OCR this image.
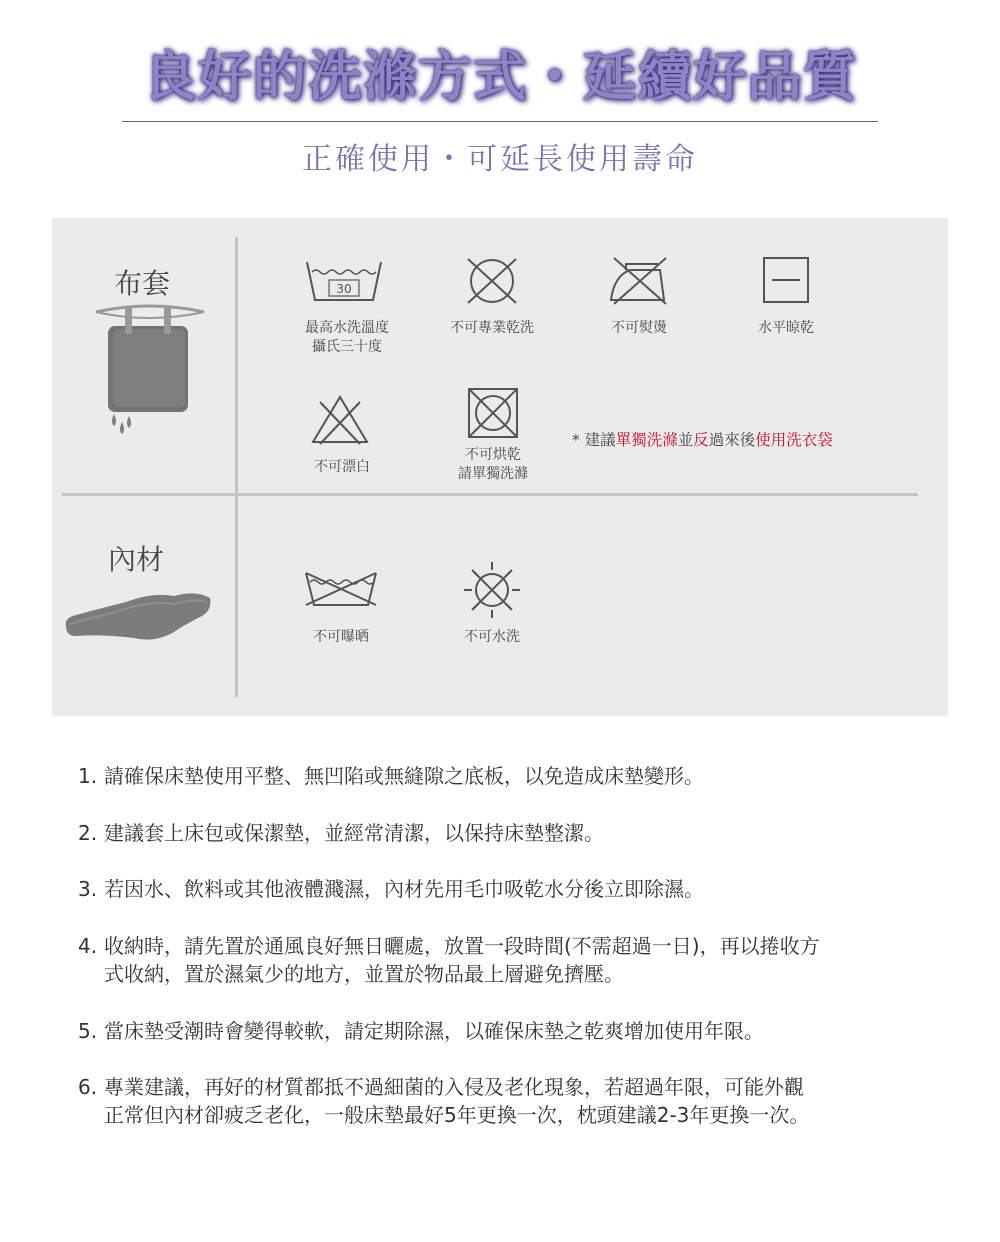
良好的洗滌方式・延續好品質
正確使用・可延長使用壽命
布套	30
最高水洗溫度
攝氏三十度
不可專業乾洗	不可熨燙	水平晾乾
不可漂白
不可烘乾
請單獨洗滌
* 建議單獨洗滌並反過來後使用洗衣袋
內材
不可曝晒	不可水洗
1. 請確保床墊使用平整、無凹陷或無縫隙之底板，以免造成床墊變形。
2. 建議套上床包或保潔墊，並經常清潔，以保持床墊整潔。
3. 若因水、飲料或其他液體濺濕，內材先用毛巾吸乾水分後立即除濕。
4. 收納時，請先置於通風良好無日曬處，放置一段時間(不需超過一日)，再以捲收方
式收納，置於濕氣少的地方，並置於物品最上層避免擠壓。
5. 當床墊受潮時會變得較軟，請定期除濕，以確保床墊之乾爽增加使用年限。
6. 專業建議，再好的材質都抵不過細菌的入侵及老化現象，若超過年限，可能外觀
正常但內材卻疲乏老化，一般床墊最好5年更換一次，枕頭建議2-3年更換一次。
